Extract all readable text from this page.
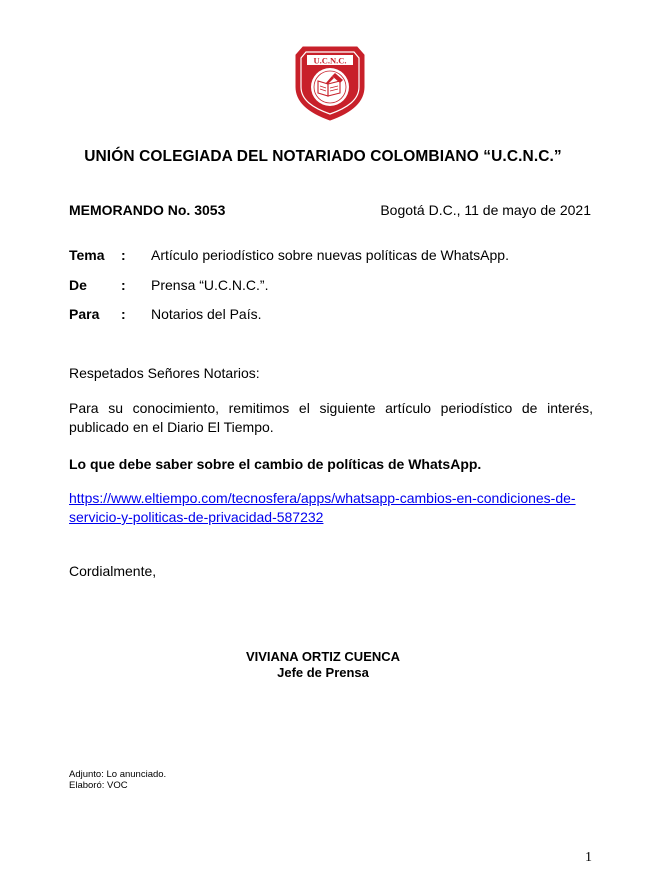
U.C.N.C.
UNIÓN COLEGIADA DEL NOTARIADO COLOMBIANO “U.C.N.C.”
MEMORANDO No. 3053	Bogotá D.C., 11 de mayo de 2021
Tema : Artículo periodístico sobre nuevas políticas de WhatsApp.
De : Prensa “U.C.N.C.”.
Para : Notarios del País.
Respetados Señores Notarios:
Para su conocimiento, remitimos el siguiente artículo periodístico de interés, publicado en el Diario El Tiempo.
Lo que debe saber sobre el cambio de políticas de WhatsApp.
https://www.eltiempo.com/tecnosfera/apps/whatsapp-cambios-en-condiciones-de-servicio-y-politicas-de-privacidad-587232
Cordialmente,
VIVIANA ORTIZ CUENCA
Jefe de Prensa
Adjunto: Lo anunciado.
Elaboró: VOC
1
